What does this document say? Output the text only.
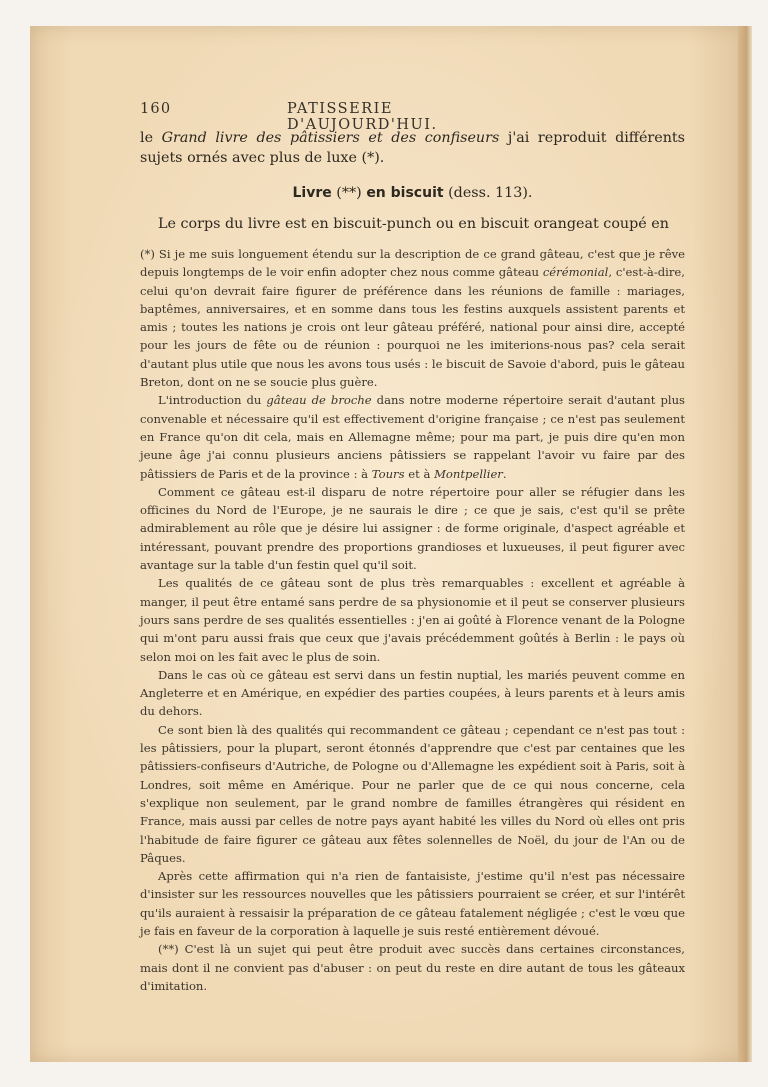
160	PATISSERIE D'AUJOURD'HUI.
le Grand livre des pâtissiers et des confiseurs j'ai reproduit différents sujets ornés avec plus de luxe (*).
Livre (**) en biscuit (dess. 113).
Le corps du livre est en biscuit-punch ou en biscuit orangeat coupé en

(*) Si je me suis longuement étendu sur la description de ce grand gâteau, c'est que je rêve depuis longtemps de le voir enfin adopter chez nous comme gâteau cérémonial, c'est-à-dire, celui qu'on devrait faire figurer de préférence dans les réunions de famille : mariages, baptêmes, anniversaires, et en somme dans tous les festins auxquels assistent parents et amis ; toutes les nations je crois ont leur gâteau préféré, national pour ainsi dire, accepté pour les jours de fête ou de réunion : pourquoi ne les imiterions-nous pas? cela serait d'autant plus utile que nous les avons tous usés : le biscuit de Savoie d'abord, puis le gâteau Breton, dont on ne se soucie plus guère.

L'introduction du gâteau de broche dans notre moderne répertoire serait d'autant plus convenable et nécessaire qu'il est effectivement d'origine française ; ce n'est pas seulement en France qu'on dit cela, mais en Allemagne même; pour ma part, je puis dire qu'en mon jeune âge j'ai connu plusieurs anciens pâtissiers se rappelant l'avoir vu faire par des pâtissiers de Paris et de la province : à Tours et à Montpellier.

Comment ce gâteau est-il disparu de notre répertoire pour aller se réfugier dans les officines du Nord de l'Europe, je ne saurais le dire ; ce que je sais, c'est qu'il se prête admirablement au rôle que je désire lui assigner : de forme originale, d'aspect agréable et intéressant, pouvant prendre des proportions grandioses et luxueuses, il peut figurer avec avantage sur la table d'un festin quel qu'il soit.

Les qualités de ce gâteau sont de plus très remarquables : excellent et agréable à manger, il peut être entamé sans perdre de sa physionomie et il peut se conserver plusieurs jours sans perdre de ses qualités essentielles : j'en ai goûté à Florence venant de la Pologne qui m'ont paru aussi frais que ceux que j'avais précédemment goûtés à Berlin : le pays où selon moi on les fait avec le plus de soin.

Dans le cas où ce gâteau est servi dans un festin nuptial, les mariés peuvent comme en Angleterre et en Amérique, en expédier des parties coupées, à leurs parents et à leurs amis du dehors.

Ce sont bien là des qualités qui recommandent ce gâteau ; cependant ce n'est pas tout : les pâtissiers, pour la plupart, seront étonnés d'apprendre que c'est par centaines que les pâtissiers-confiseurs d'Autriche, de Pologne ou d'Allemagne les expédient soit à Paris, soit à Londres, soit même en Amérique. Pour ne parler que de ce qui nous concerne, cela s'explique non seulement, par le grand nombre de familles étrangères qui résident en France, mais aussi par celles de notre pays ayant habité les villes du Nord où elles ont pris l'habitude de faire figurer ce gâteau aux fêtes solennelles de Noël, du jour de l'An ou de Pâques.

Après cette affirmation qui n'a rien de fantaisiste, j'estime qu'il n'est pas nécessaire d'insister sur les ressources nouvelles que les pâtissiers pourraient se créer, et sur l'intérêt qu'ils auraient à ressaisir la préparation de ce gâteau fatalement négligée ; c'est le vœu que je fais en faveur de la corporation à laquelle je suis resté entièrement dévoué.

(**) C'est là un sujet qui peut être produit avec succès dans certaines circonstances, mais dont il ne convient pas d'abuser : on peut du reste en dire autant de tous les gâteaux d'imitation.
